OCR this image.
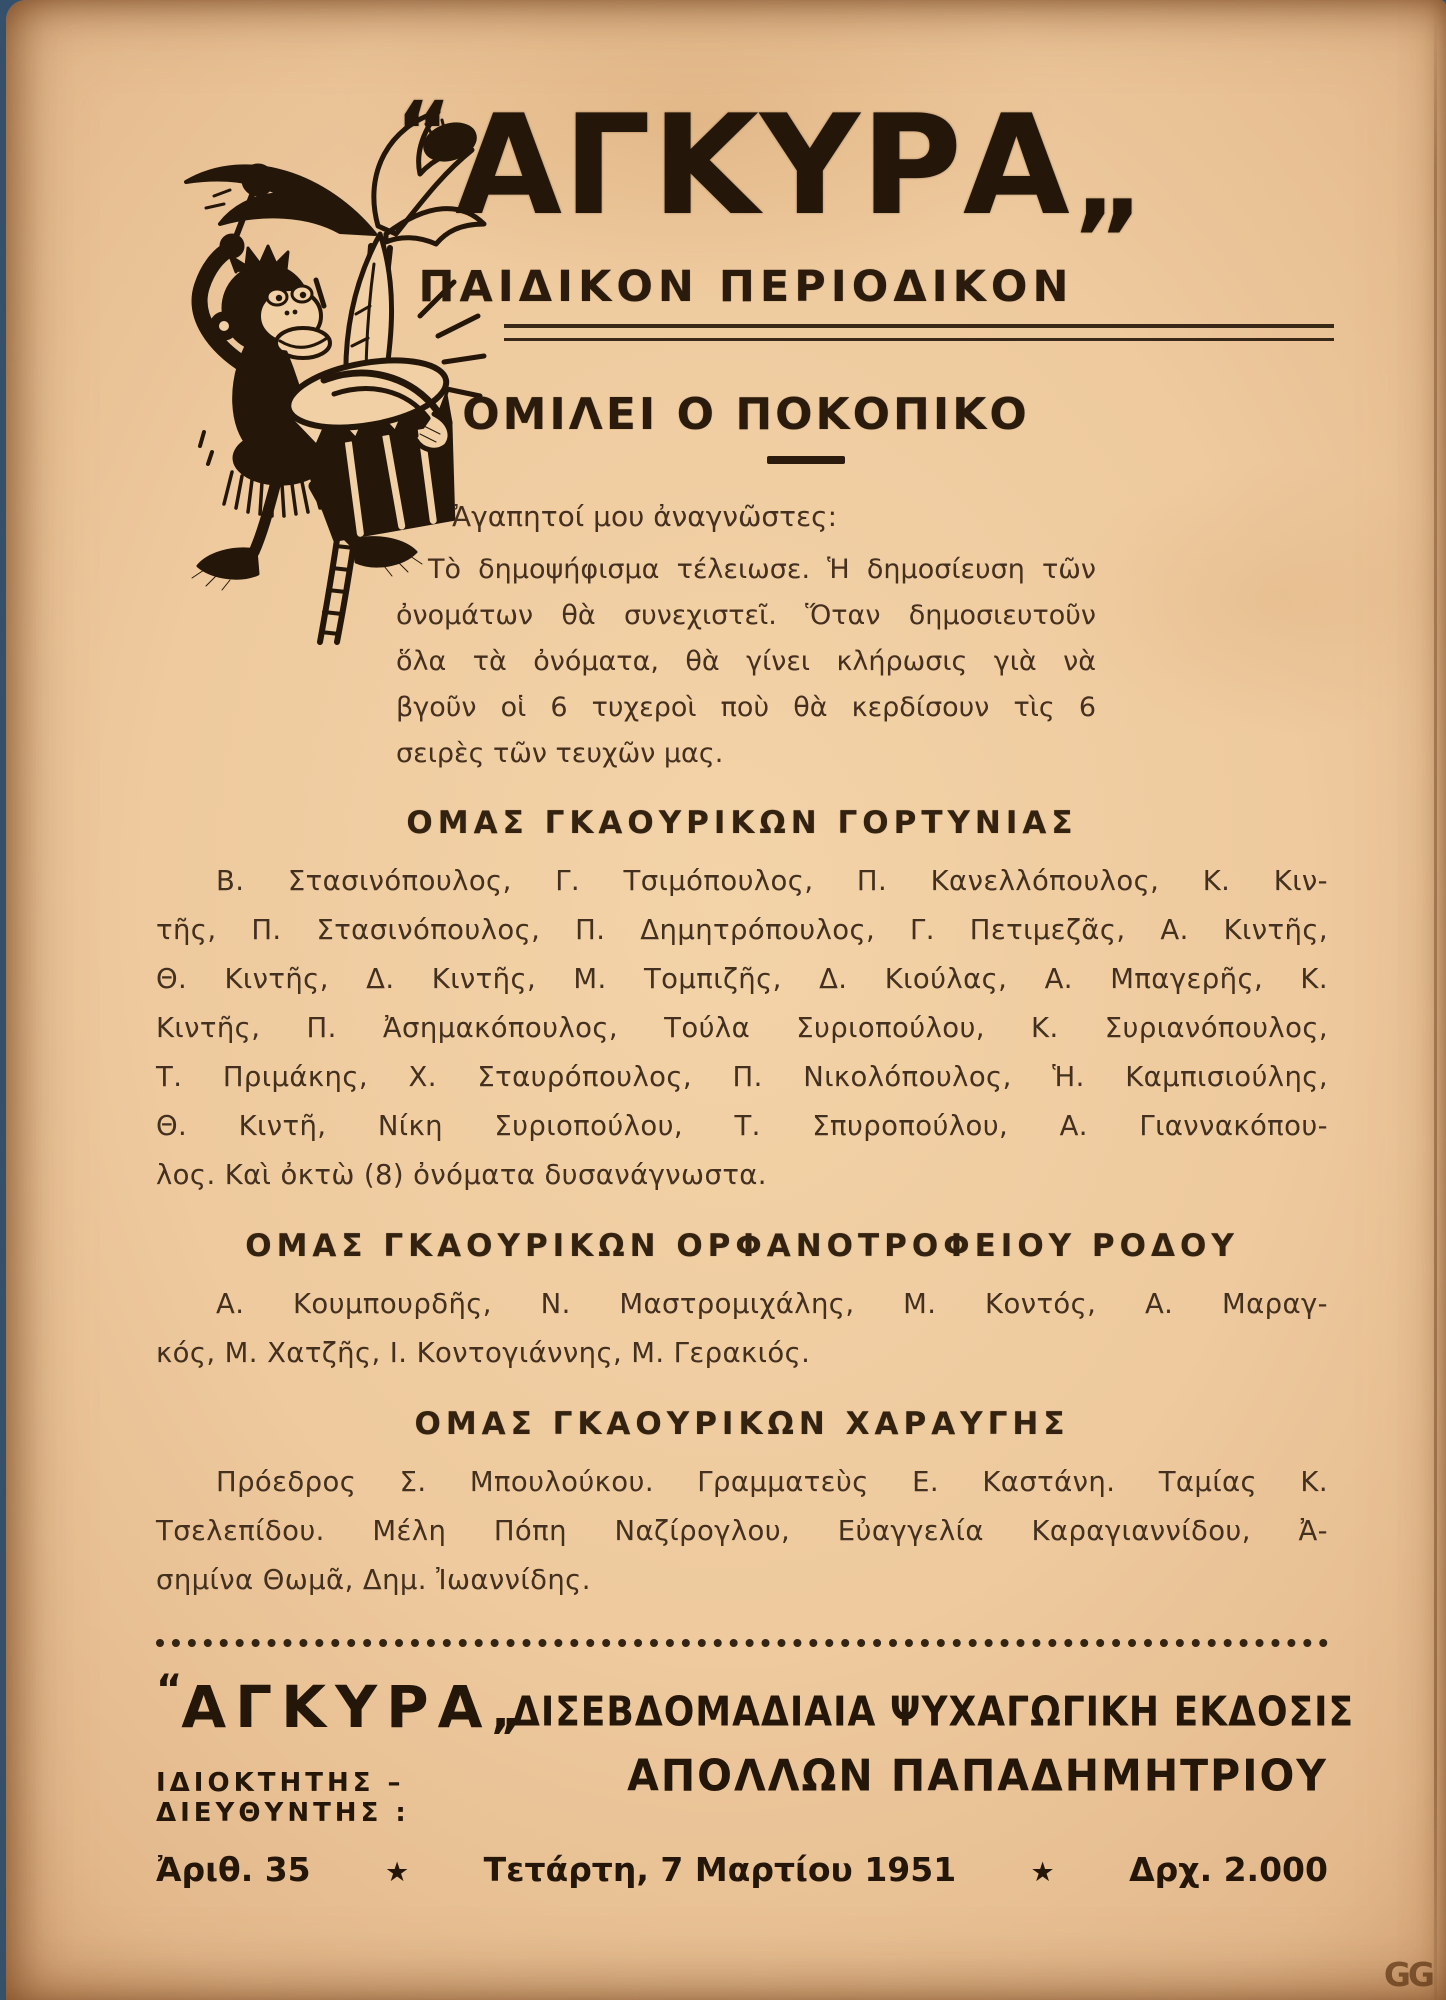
“ΑΓΚΥΡΑ„
ΠΑΙΔΙΚΟΝ ΠΕΡΙΟΔΙΚΟΝ
ΟΜΙΛΕΙ Ο ΠΟΚΟΠΙΚΟ
Ἀγαπητοί μου ἀναγνῶστες:
Τὸ δημοψήφισμα τέλειωσε. Ἡ δημοσίευση τῶν
ὀνομάτων θὰ συνεχιστεῖ. Ὅταν δημοσιευτοῦν
ὅλα τὰ ὀνόματα, θὰ γίνει κλήρωσις γιὰ νὰ
βγοῦν οἱ 6 τυχεροὶ ποὺ θὰ κερδίσουν τὶς 6
σειρὲς τῶν τευχῶν μας.
ΟΜΑΣ ΓΚΑΟΥΡΙΚΩΝ ΓΟΡΤΥΝΙΑΣ
Β. Στασινόπουλος, Γ. Τσιμόπουλος, Π. Κανελλόπουλος, Κ. Κιν-
τῆς, Π. Στασινόπουλος, Π. Δημητρόπουλος, Γ. Πετιμεζᾶς, Α. Κιντῆς,
Θ. Κιντῆς, Δ. Κιντῆς, Μ. Τομπιζῆς, Δ. Κιούλας, Α. Μπαγερῆς, Κ.
Κιντῆς, Π. Ἀσημακόπουλος, Τούλα Συριοπούλου, Κ. Συριανόπουλος,
Τ. Πριμάκης, Χ. Σταυρόπουλος, Π. Νικολόπουλος, Ἡ. Καμπισιούλης,
Θ. Κιντῆ, Νίκη Συριοπούλου, Τ. Σπυροπούλου, Α. Γιαννακόπου-
λος. Καὶ ὀκτὼ (8) ὀνόματα δυσανάγνωστα.
ΟΜΑΣ ΓΚΑΟΥΡΙΚΩΝ ΟΡΦΑΝΟΤΡΟΦΕΙΟΥ ΡΟΔΟΥ
Α. Κουμπουρδῆς, Ν. Μαστρομιχάλης, Μ. Κοντός, Α. Μαραγ-
κός, Μ. Χατζῆς, Ι. Κοντογιάννης, Μ. Γερακιός.
ΟΜΑΣ ΓΚΑΟΥΡΙΚΩΝ ΧΑΡΑΥΓΗΣ
Πρόεδρος Σ. Μπουλούκου. Γραμματεὺς Ε. Καστάνη. Ταμίας Κ.
Τσελεπίδου. Μέλη Πόπη Ναζίρογλου, Εὐαγγελία Καραγιαννίδου, Ἀ-
σημίνα Θωμᾶ, Δημ. Ἰωαννίδης.
“ΑΓΚΥΡΑ,, ΔΙΣΕΒΔΟΜΑΔΙΑΙΑ ΨΥΧΑΓΩΓΙΚΗ ΕΚΔΟΣΙΣ
ΙΔΙΟΚΤΗΤΗΣ – ΔΙΕΥΘΥΝΤΗΣ :
ΑΠΟΛΛΩΝ ΠΑΠΑΔΗΜΗΤΡΙΟΥ
Ἀριθ. 35	★ Τετάρτη, 7 Μαρτίου 1951	★ Δρχ. 2.000
GG
